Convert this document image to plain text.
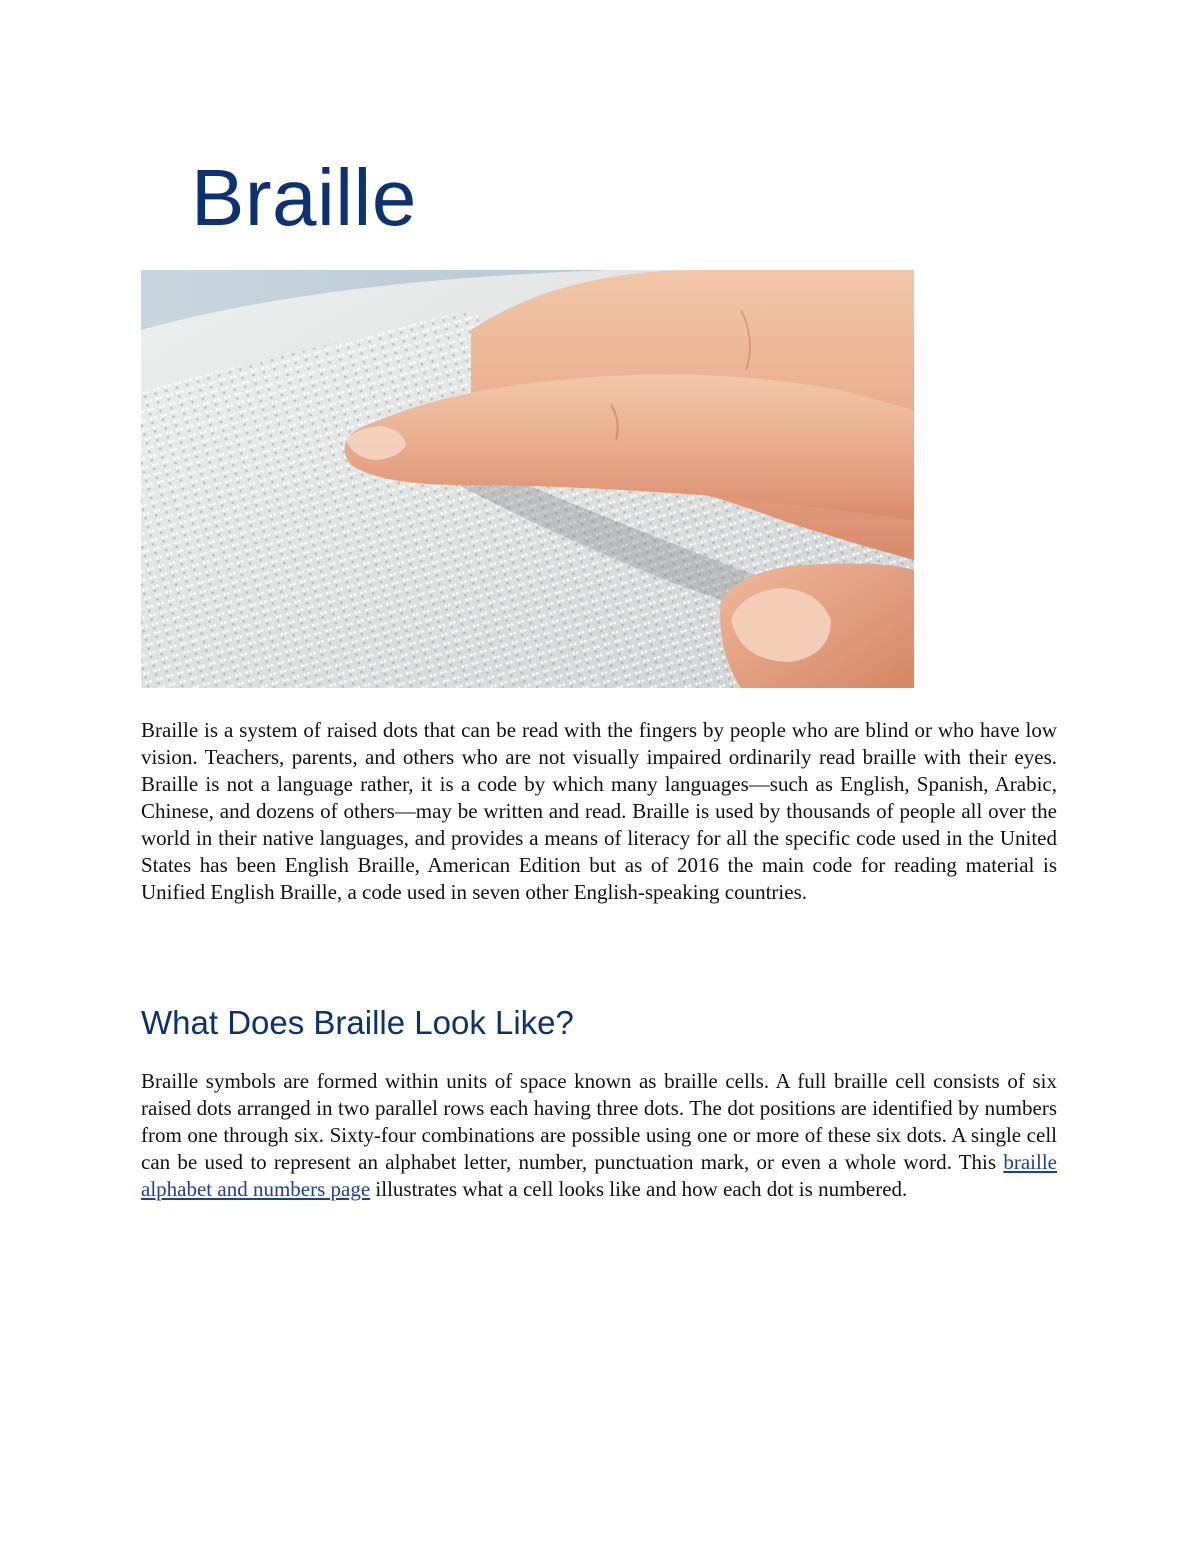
Braille

Braille is a system of raised dots that can be read with the fingers by people who are blind or who have low vision. Teachers, parents, and others who are not visually impaired ordinarily read braille with their eyes. Braille is not a language rather, it is a code by which many languages—such as English, Spanish, Arabic, Chinese, and dozens of others—may be written and read. Braille is used by thousands of people all over the world in their native languages, and provides a means of literacy for all the specific code used in the United States has been English Braille, American Edition but as of 2016 the main code for reading material is Unified English Braille, a code used in seven other English-speaking countries.

What Does Braille Look Like?

Braille symbols are formed within units of space known as braille cells. A full braille cell consists of six raised dots arranged in two parallel rows each having three dots. The dot positions are identified by numbers from one through six. Sixty-four combinations are possible using one or more of these six dots. A single cell can be used to represent an alphabet letter, number, punctuation mark, or even a whole word. This braille alphabet and numbers page illustrates what a cell looks like and how each dot is numbered.
